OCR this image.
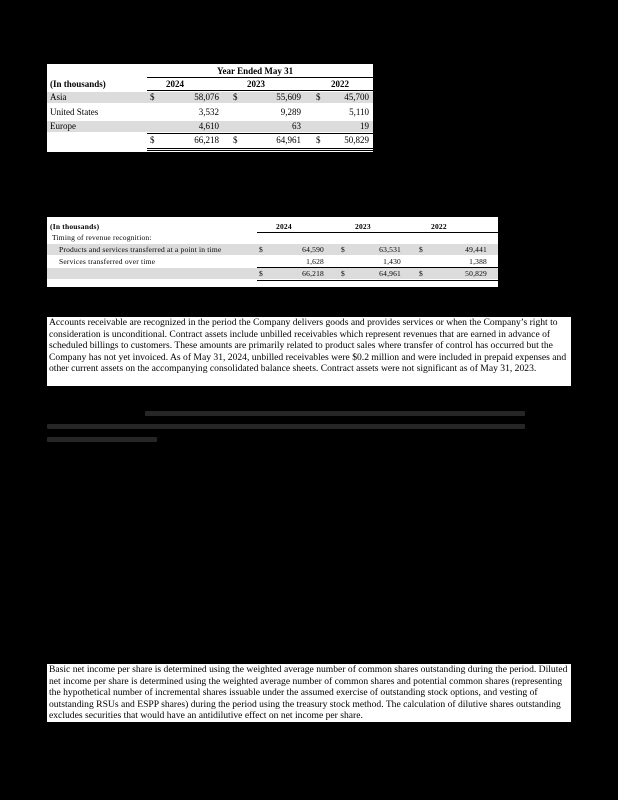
Year Ended May 31
(In thousands)	2024	2023	2022
Asia	$	58,076 $	55,609 $	45,700
United States	3,532	9,289	5,110
Europe	4,610	63	19
$	66,218 $	64,961 $	50,829
(In thousands)	2024	2023	2022
Timing of revenue recognition:
Products and services transferred at a point in time	$	64,590 $	63,531 $	49,441
Services transferred over time	1,628	1,430	1,388
$	66,218 $	64,961 $	50,829
Accounts receivable are recognized in the period the Company delivers goods and provides services or when the Company’s right to consideration is unconditional. Contract assets include unbilled receivables which represent revenues that are earned in advance of scheduled billings to customers. These amounts are primarily related to product sales where transfer of control has occurred but the Company has not yet invoiced. As of May 31, 2024, unbilled receivables were $0.2 million and were included in prepaid expenses and other current assets on the accompanying consolidated balance sheets. Contract assets were not significant as of May 31, 2023.
Basic net income per share is determined using the weighted average number of common shares outstanding during the period. Diluted net income per share is determined using the weighted average number of common shares and potential common shares (representing the hypothetical number of incremental shares issuable under the assumed exercise of outstanding stock options, and vesting of outstanding RSUs and ESPP shares) during the period using the treasury stock method. The calculation of dilutive shares outstanding excludes securities that would have an antidilutive effect on net income per share.
